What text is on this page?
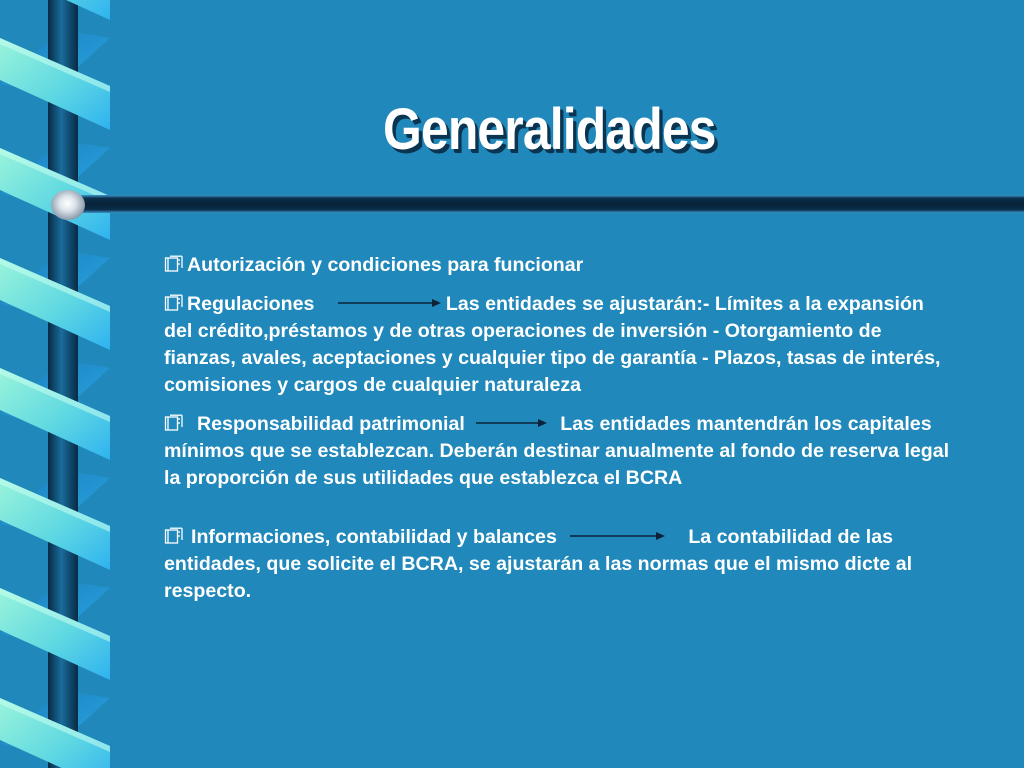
Generalidades

Autorización y condiciones para funcionar

Regulaciones	Las entidades se ajustarán:- Límites a la expansión del crédito,préstamos y de otras operaciones de inversión - Otorgamiento de fianzas, avales, aceptaciones y cualquier tipo de garantía - Plazos, tasas de interés, comisiones y cargos de cualquier naturaleza

Responsabilidad patrimonial	Las entidades mantendrán los capitales mínimos que se establezcan. Deberán destinar anualmente al fondo de reserva legal la proporción de sus utilidades que establezca el BCRA

Informaciones, contabilidad y balances	La contabilidad de las entidades, que solicite el BCRA, se ajustarán a las normas que el mismo dicte al respecto.
